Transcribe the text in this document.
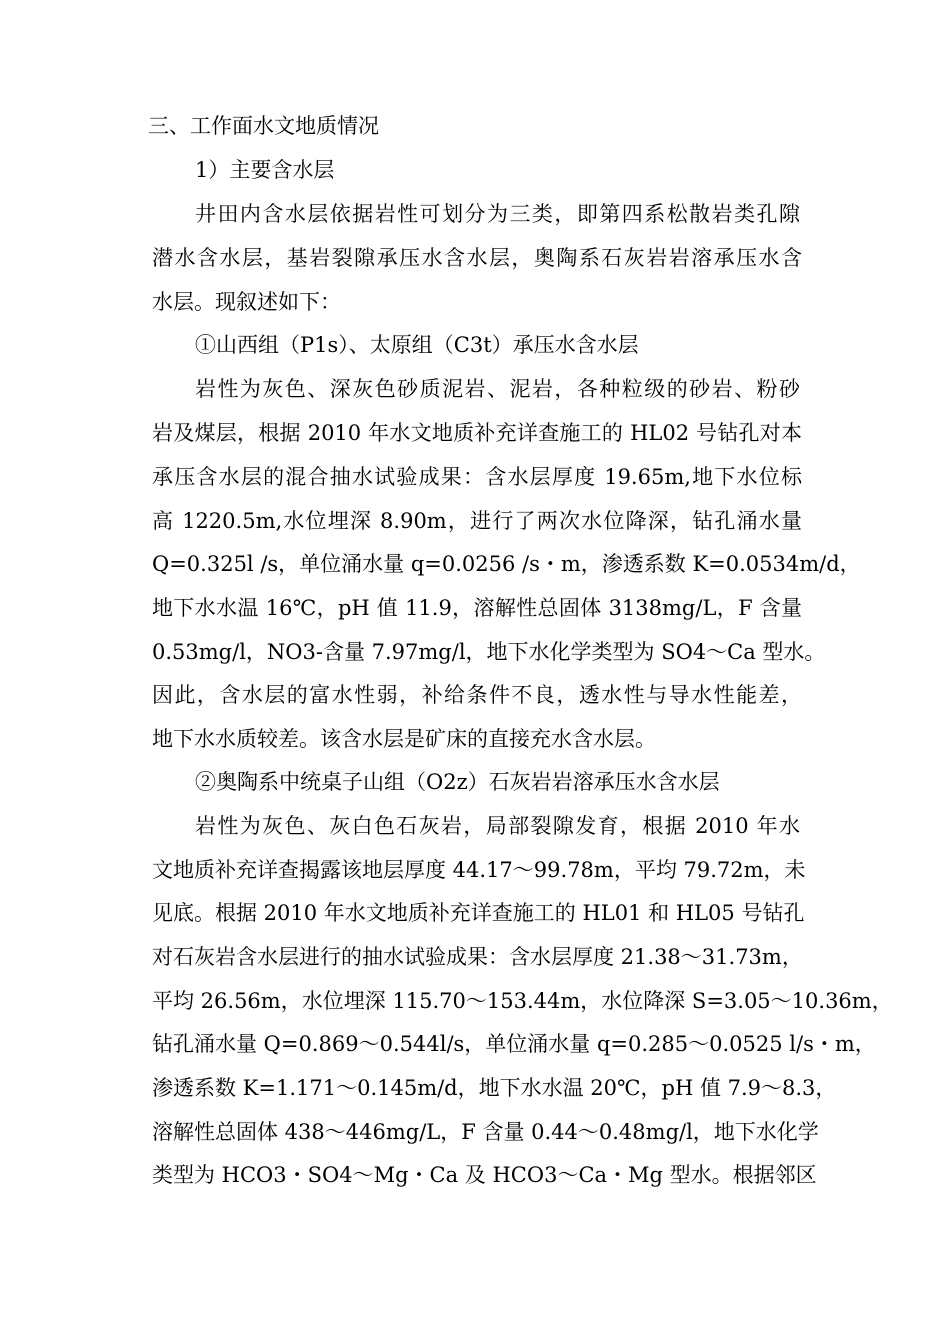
三、工作面水文地质情况
1）主要含水层
井田内含水层依据岩性可划分为三类，即第四系松散岩类孔隙
潜水含水层，基岩裂隙承压水含水层，奥陶系石灰岩岩溶承压水含
水层。现叙述如下：
①山西组（P1s）、太原组（C3t）承压水含水层
岩性为灰色、深灰色砂质泥岩、泥岩，各种粒级的砂岩、粉砂
岩及煤层，根据 2010 年水文地质补充详查施工的 HL02 号钻孔对本
承压含水层的混合抽水试验成果：含水层厚度 19.65m,地下水位标
高 1220.5m,水位埋深 8.90m，进行了两次水位降深，钻孔涌水量
Q=0.325l /s，单位涌水量 q=0.0256 /s・m，渗透系数 K=0.0534m/d，
地下水水温 16℃，pH 值 11.9，溶解性总固体 3138mg/L，F 含量
0.53mg/l，NO3-含量 7.97mg/l，地下水化学类型为 SO4～Ca 型水。
因此，含水层的富水性弱，补给条件不良，透水性与导水性能差，
地下水水质较差。该含水层是矿床的直接充水含水层。
②奥陶系中统桌子山组（O2z）石灰岩岩溶承压水含水层
岩性为灰色、灰白色石灰岩，局部裂隙发育，根据 2010 年水
文地质补充详查揭露该地层厚度 44.17～99.78m，平均 79.72m，未
见底。根据 2010 年水文地质补充详查施工的 HL01 和 HL05 号钻孔
对石灰岩含水层进行的抽水试验成果：含水层厚度 21.38～31.73m，
平均 26.56m，水位埋深 115.70～153.44m，水位降深 S=3.05～10.36m，
钻孔涌水量 Q=0.869～0.544l/s，单位涌水量 q=0.285～0.0525 l/s・m，
渗透系数 K=1.171～0.145m/d，地下水水温 20℃，pH 值 7.9～8.3，
溶解性总固体 438～446mg/L，F 含量 0.44～0.48mg/l，地下水化学
类型为 HCO3・SO4～Mg・Ca 及 HCO3～Ca・Mg 型水。根据邻区
